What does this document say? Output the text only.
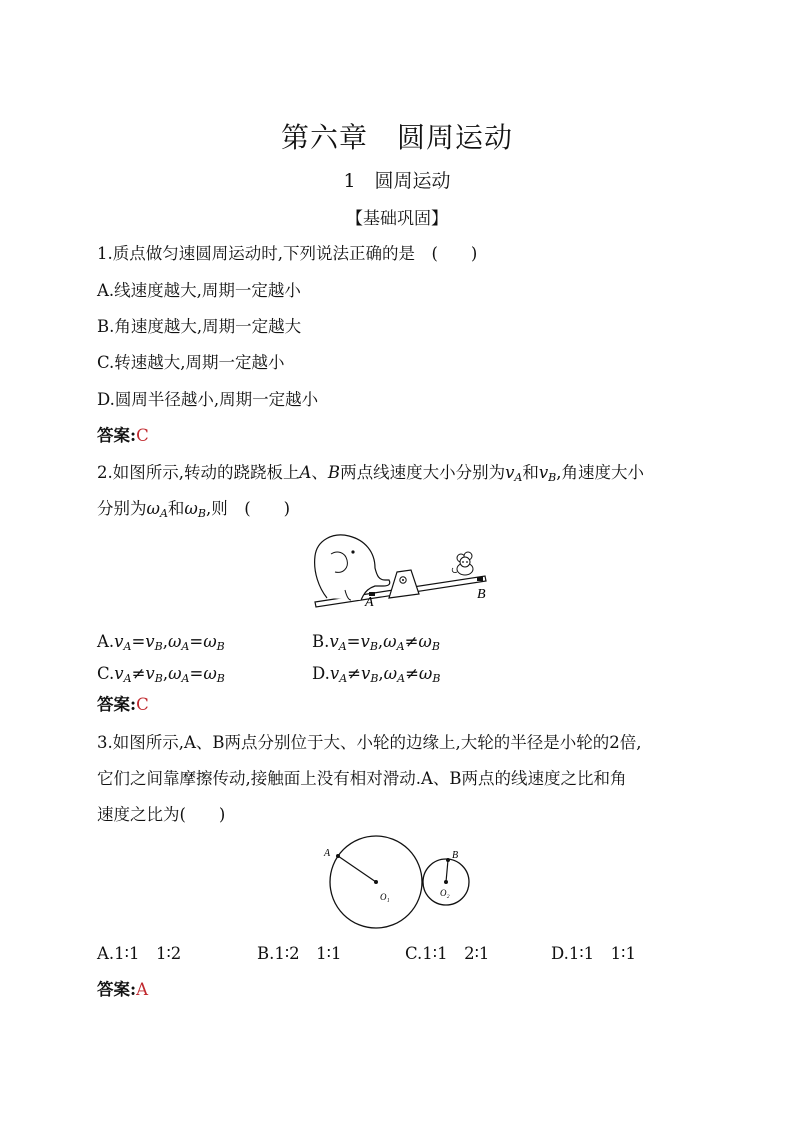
第六章　圆周运动
1　圆周运动
【基础巩固】
1.质点做匀速圆周运动时,下列说法正确的是　(　　)
A.线速度越大,周期一定越小
B.角速度越大,周期一定越大
C.转速越大,周期一定越小
D.圆周半径越小,周期一定越小
答案:C
2.如图所示,转动的跷跷板上A、B两点线速度大小分别为$v_A$和$v_B$,角速度大小
分别为$\omega_A$和$\omega_B$,则　(　　)
A
B
$A.v_A=v_B,\omega_A=\omega_B$	$B.v_A=v_B,\omega_A\ne\omega_B$
$C.v_A\ne v_B,\omega_A=\omega_B$	$D.v_A\ne v_B,\omega_A\ne\omega_B$
答案:C
3.如图所示,A、B两点分别位于大、小轮的边缘上,大轮的半径是小轮的2倍,
它们之间靠摩擦传动,接触面上没有相对滑动.A、B两点的线速度之比和角
速度之比为(　　)
A	B
O₁	O₂
A.1∶1　1∶2	B.1∶2　1∶1	C.1∶1　2∶1	D.1∶1　1∶1
答案:A
